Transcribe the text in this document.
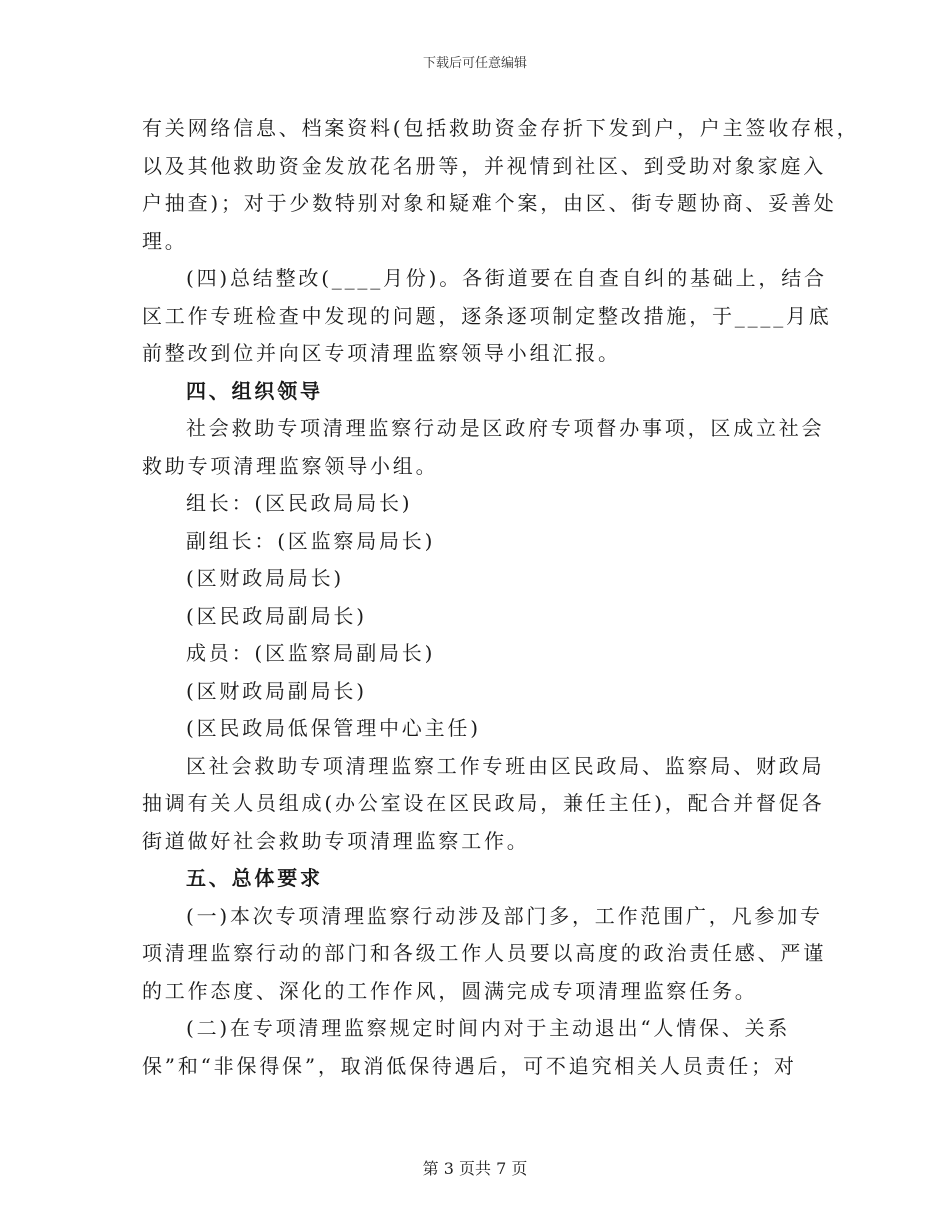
下载后可任意编辑
有关网络信息、档案资料(包括救助资金存折下发到户，户主签收存根，
以及其他救助资金发放花名册等，并视情到社区、到受助对象家庭入
户抽查)；对于少数特别对象和疑难个案，由区、街专题协商、妥善处
理。
(四)总结整改(____月份)。各街道要在自查自纠的基础上，结合
区工作专班检查中发现的问题，逐条逐项制定整改措施，于____月底
前整改到位并向区专项清理监察领导小组汇报。
四、组织领导
社会救助专项清理监察行动是区政府专项督办事项，区成立社会
救助专项清理监察领导小组。
组长：(区民政局局长)
副组长：(区监察局局长)
(区财政局局长)
(区民政局副局长)
成员：(区监察局副局长)
(区财政局副局长)
(区民政局低保管理中心主任)
区社会救助专项清理监察工作专班由区民政局、监察局、财政局
抽调有关人员组成(办公室设在区民政局，兼任主任)，配合并督促各
街道做好社会救助专项清理监察工作。
五、总体要求
(一)本次专项清理监察行动涉及部门多，工作范围广，凡参加专
项清理监察行动的部门和各级工作人员要以高度的政治责任感、严谨
的工作态度、深化的工作作风，圆满完成专项清理监察任务。
(二)在专项清理监察规定时间内对于主动退出“人情保、关系
保”和“非保得保”，取消低保待遇后，可不追究相关人员责任；对
第 3 页共 7 页
